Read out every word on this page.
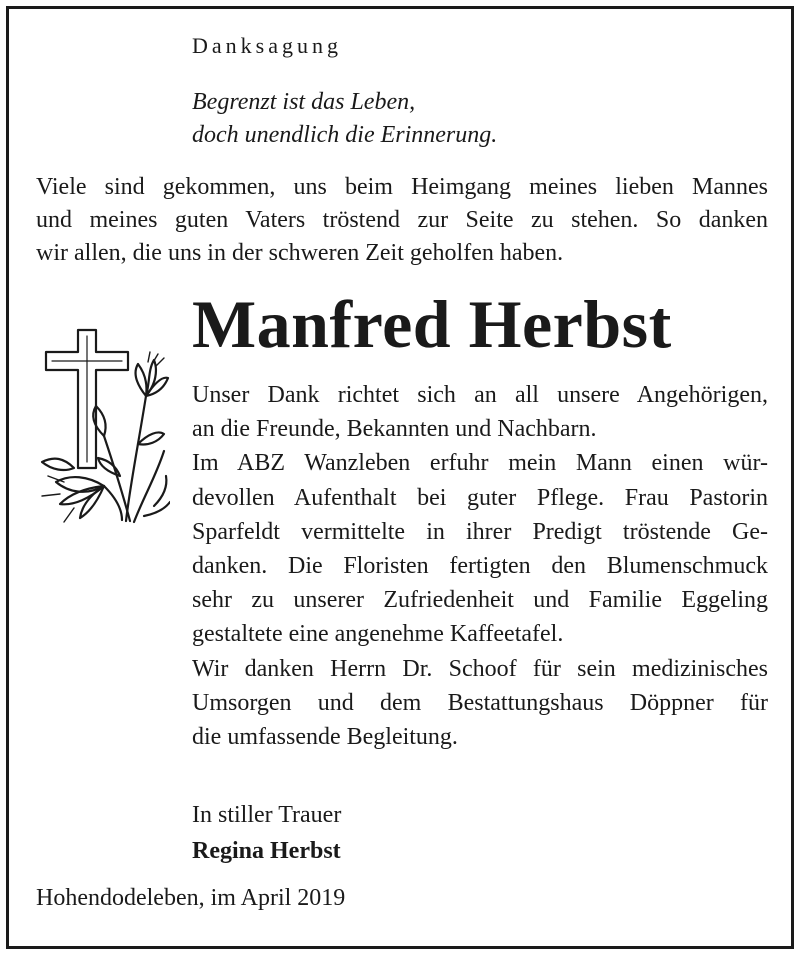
Danksagung

Begrenzt ist das Leben,
doch unendlich die Erinnerung.

Viele sind gekommen, uns beim Heimgang meines lieben Mannes
und meines guten Vaters tröstend zur Seite zu stehen. So danken
wir allen, die uns in der schweren Zeit geholfen haben.

Manfred Herbst

Unser Dank richtet sich an all unsere Angehörigen,
an die Freunde, Bekannten und Nachbarn.
Im ABZ Wanzleben erfuhr mein Mann einen wür-
devollen Aufenthalt bei guter Pflege. Frau Pastorin
Sparfeldt vermittelte in ihrer Predigt tröstende Ge-
danken. Die Floristen fertigten den Blumenschmuck
sehr zu unserer Zufriedenheit und Familie Eggeling
gestaltete eine angenehme Kaffeetafel.
Wir danken Herrn Dr. Schoof für sein medizinisches
Umsorgen und dem Bestattungshaus Döppner für
die umfassende Begleitung.

In stiller Trauer
Regina Herbst

Hohendodeleben, im April 2019
